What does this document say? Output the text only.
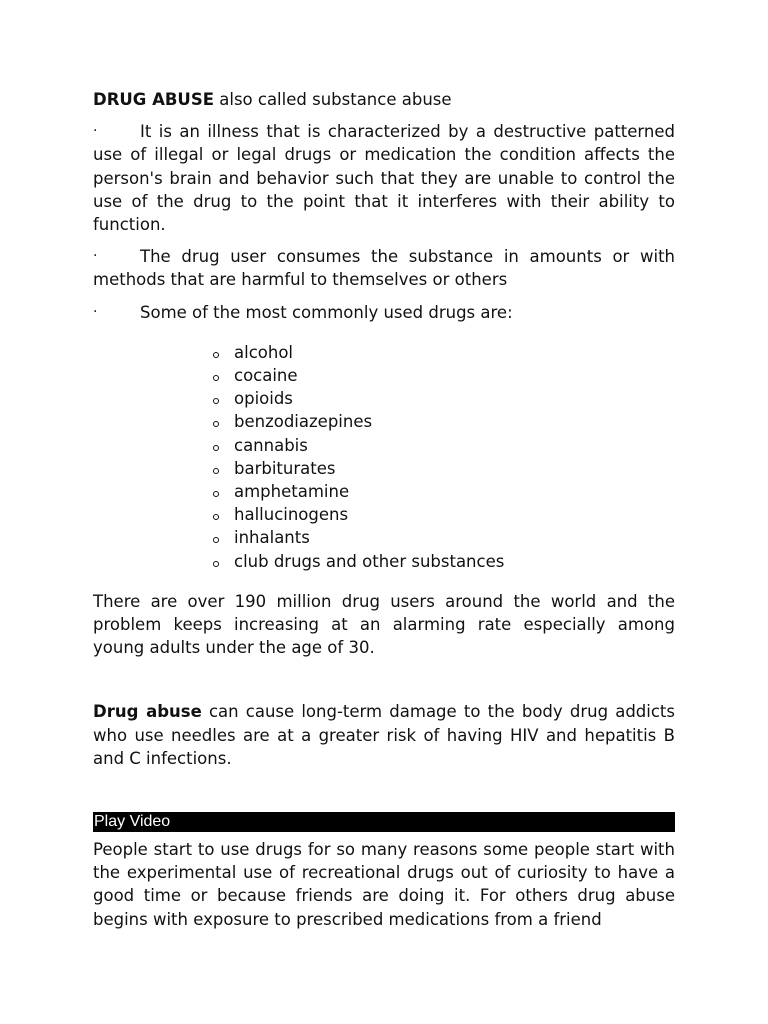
DRUG ABUSE also called substance abuse

·	It is an illness that is characterized by a destructive patterned use of illegal or legal drugs or medication the condition affects the person's brain and behavior such that they are unable to control the use of the drug to the point that it interferes with their ability to function.

·	The drug user consumes the substance in amounts or with methods that are harmful to themselves or others

·	Some of the most commonly used drugs are:

alcohol
cocaine
opioids
benzodiazepines
cannabis
barbiturates
amphetamine
hallucinogens
inhalants
club drugs and other substances

There are over 190 million drug users around the world and the problem keeps increasing at an alarming rate especially among young adults under the age of 30.

Drug abuse can cause long-term damage to the body drug addicts who use needles are at a greater risk of having HIV and hepatitis B and C infections.

Play Video

People start to use drugs for so many reasons some people start with the experimental use of recreational drugs out of curiosity to have a good time or because friends are doing it. For others drug abuse begins with exposure to prescribed medications from a friend
